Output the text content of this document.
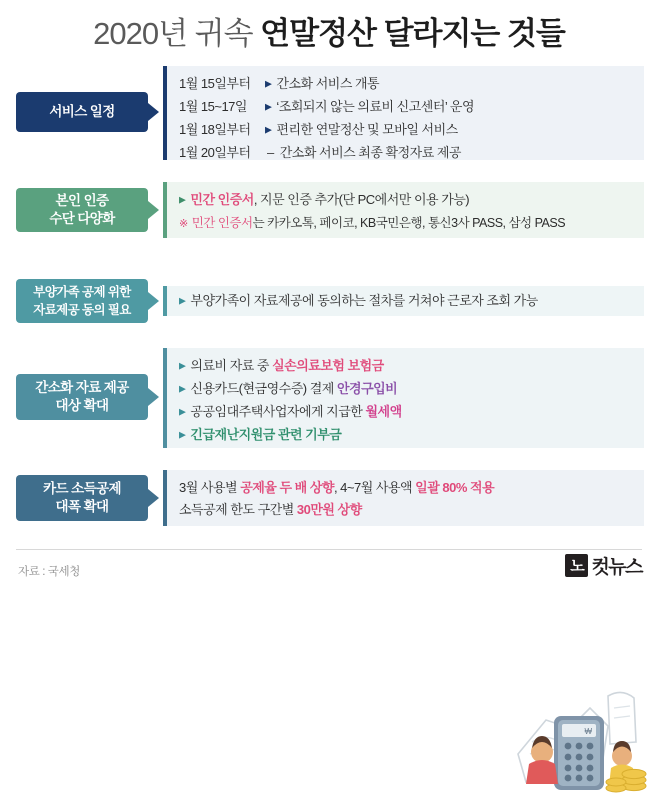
2020년 귀속 연말정산 달라지는 것들
서비스 일정
1월 15일부터 ▶ 간소화 서비스 개통
1월 15~17일 ▶ ‘조회되지 않는 의료비 신고센터’ 운영
1월 18일부터 ▶ 편리한 연말정산 및 모바일 서비스
1월 20일부터 – 간소화 서비스 최종 확정자료 제공
본인 인증
수단 다양화
▶ 민간 인증서, 지문 인증 추가(단 PC에서만 이용 가능)
※ 민간 인증서는 카카오톡, 페이코, KB국민은행, 통신3사 PASS, 삼성 PASS
부양가족 공제 위한
자료제공 동의 필요
▶ 부양가족이 자료제공에 동의하는 절차를 거쳐야 근로자 조회 가능
간소화 자료 제공
대상 확대
▶ 의료비 자료 중 실손의료보험 보험금
▶ 신용카드(현금영수증) 결제 안경구입비
▶ 공공임대주택사업자에게 지급한 월세액
▶ 긴급재난지원금 관련 기부금
₩
카드 소득공제
대폭 확대
3월 사용별 공제율 두 배 상향, 4~7월 사용액 일괄 80% 적용
소득공제 한도 구간별 30만원 상향
자료 : 국세청	노 컷뉴스
